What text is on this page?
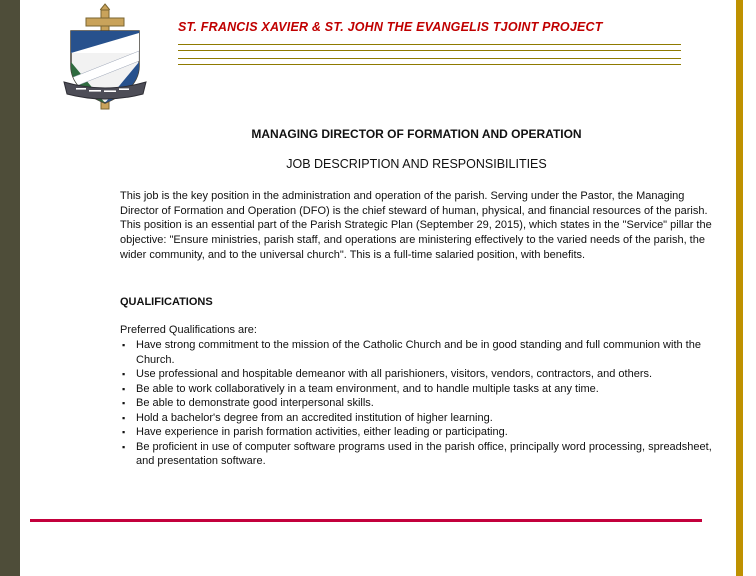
ST. FRANCIS XAVIER & ST. JOHN THE EVANGELIS TJOINT PROJECT
MANAGING DIRECTOR OF FORMATION AND OPERATION
JOB DESCRIPTION AND RESPONSIBILITIES
This job is the key position in the administration and operation of the parish. Serving under the Pastor, the Managing Director of Formation and Operation (DFO) is the chief steward of human, physical, and financial resources of the parish. This position is an essential part of the Parish Strategic Plan (September 29, 2015), which states in the "Service" pillar the objective: "Ensure ministries, parish staff, and operations are ministering effectively to the varied needs of the parish, the wider community, and to the universal church". This is a full-time salaried position, with benefits.
QUALIFICATIONS
Preferred Qualifications are:
▪ Have strong commitment to the mission of the Catholic Church and be in good standing and full communion with the Church.
▪ Use professional and hospitable demeanor with all parishioners, visitors, vendors, contractors, and others.
▪ Be able to work collaboratively in a team environment, and to handle multiple tasks at any time.
▪ Be able to demonstrate good interpersonal skills.
▪ Hold a bachelor's degree from an accredited institution of higher learning.
▪ Have experience in parish formation activities, either leading or participating.
▪ Be proficient in use of computer software programs used in the parish office, principally word processing, spreadsheet, and presentation software.
